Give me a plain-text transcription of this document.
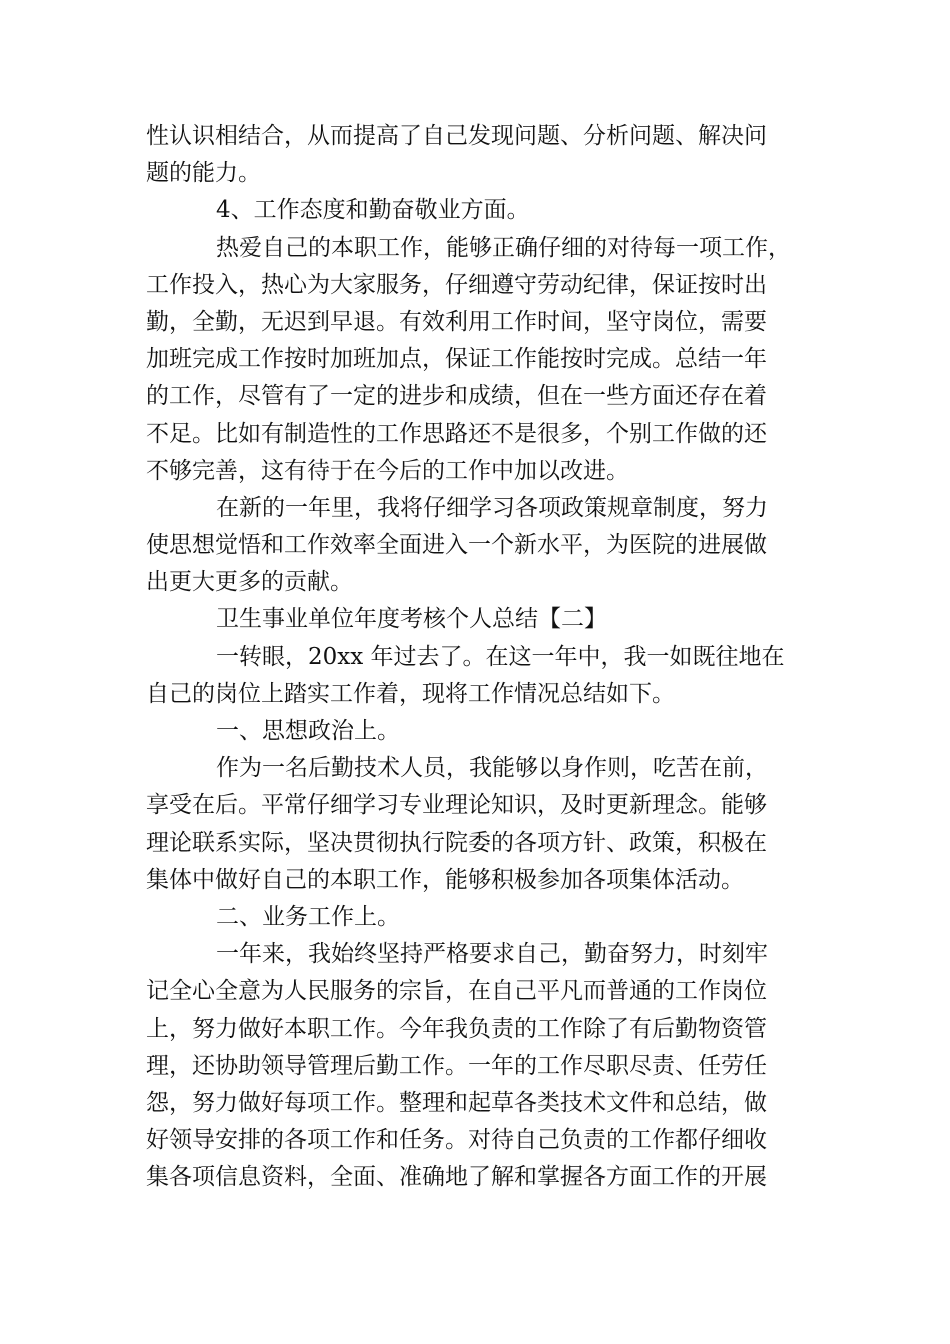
性认识相结合，从而提高了自己发现问题、分析问题、解决问
题的能力。
4、工作态度和勤奋敬业方面。
热爱自己的本职工作，能够正确仔细的对待每一项工作，
工作投入，热心为大家服务，仔细遵守劳动纪律，保证按时出
勤，全勤，无迟到早退。有效利用工作时间，坚守岗位，需要
加班完成工作按时加班加点，保证工作能按时完成。总结一年
的工作，尽管有了一定的进步和成绩，但在一些方面还存在着
不足。比如有制造性的工作思路还不是很多，个别工作做的还
不够完善，这有待于在今后的工作中加以改进。
在新的一年里，我将仔细学习各项政策规章制度，努力
使思想觉悟和工作效率全面进入一个新水平，为医院的进展做
出更大更多的贡献。
卫生事业单位年度考核个人总结【二】
一转眼，20xx 年过去了。在这一年中，我一如既往地在
自己的岗位上踏实工作着，现将工作情况总结如下。
一、思想政治上。
作为一名后勤技术人员，我能够以身作则，吃苦在前，
享受在后。平常仔细学习专业理论知识，及时更新理念。能够
理论联系实际，坚决贯彻执行院委的各项方针、政策，积极在
集体中做好自己的本职工作，能够积极参加各项集体活动。
二、业务工作上。
一年来，我始终坚持严格要求自己，勤奋努力，时刻牢
记全心全意为人民服务的宗旨，在自己平凡而普通的工作岗位
上，努力做好本职工作。今年我负责的工作除了有后勤物资管
理，还协助领导管理后勤工作。一年的工作尽职尽责、任劳任
怨，努力做好每项工作。整理和起草各类技术文件和总结，做
好领导安排的各项工作和任务。对待自己负责的工作都仔细收
集各项信息资料，全面、准确地了解和掌握各方面工作的开展
